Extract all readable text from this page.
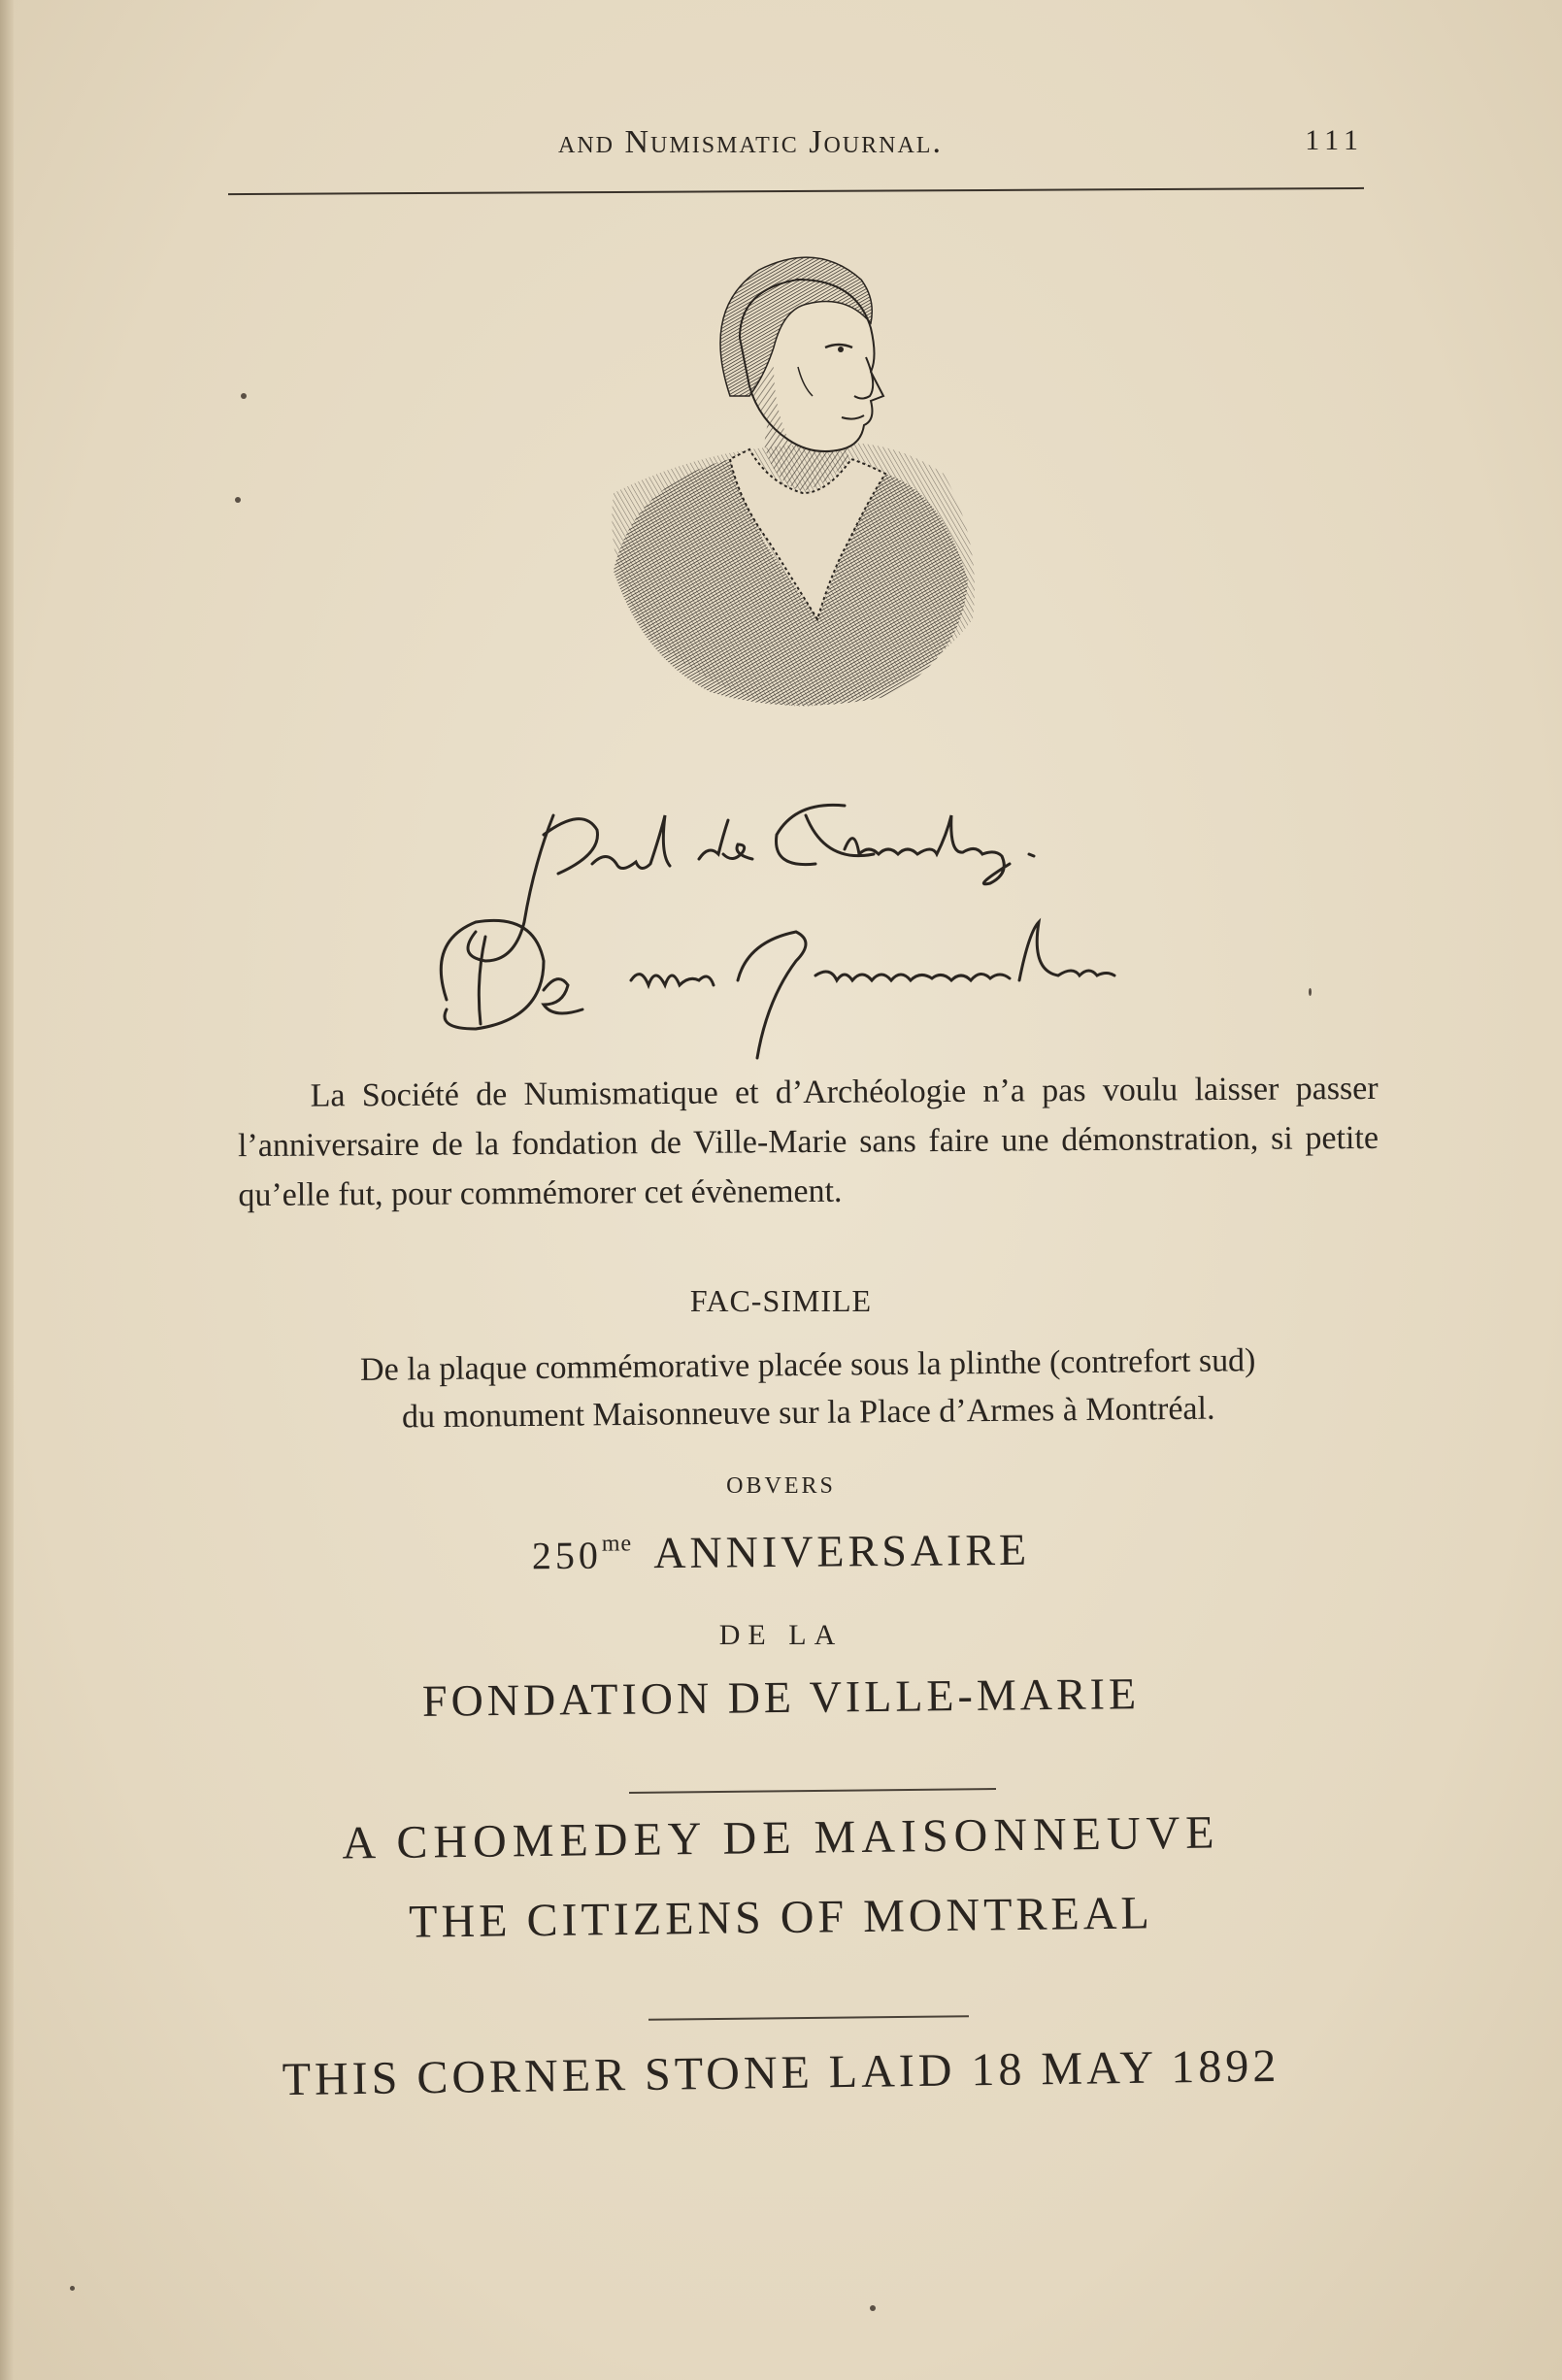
and Numismatic Journal.	111

La Société de Numismatique et d’Archéologie n’a pas voulu laisser passer l’anniversaire de la fondation de Ville-Marie sans faire une démonstration, si petite qu’elle fut, pour commémorer cet évènement.

FAC-SIMILE
De la plaque commémorative placée sous la plinthe (contrefort sud)
du monument Maisonneuve sur la Place d’Armes à Montréal.
OBVERS
$250^{me}$ ANNIVERSAIRE
DE LA
FONDATION DE VILLE-MARIE
A CHOMEDEY DE MAISONNEUVE
THE CITIZENS OF MONTREAL
THIS CORNER STONE LAID 18 MAY 1892
